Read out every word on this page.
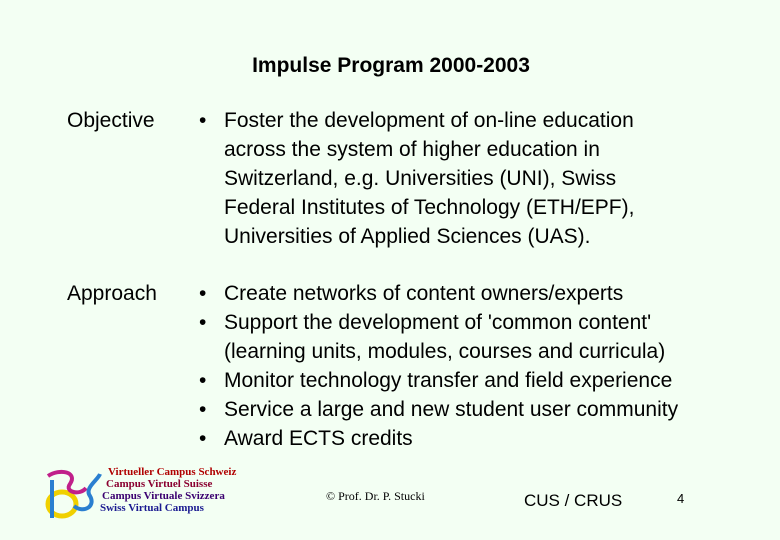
Impulse Program 2000-2003
Objective • Foster the development of on-line education
across the system of higher education in
Switzerland, e.g. Universities (UNI), Swiss
Federal Institutes of Technology (ETH/EPF),
Universities of Applied Sciences (UAS).
Approach • Create networks of content owners/experts
• Support the development of 'common content'
(learning units, modules, courses and curricula)
• Monitor technology transfer and field experience
• Service a large and new student user community
• Award ECTS credits
Virtueller Campus Schweiz
Campus Virtuel Suisse
Campus Virtuale Svizzera
Swiss Virtual Campus
© Prof. Dr. P. Stucki	CUS / CRUS	4
